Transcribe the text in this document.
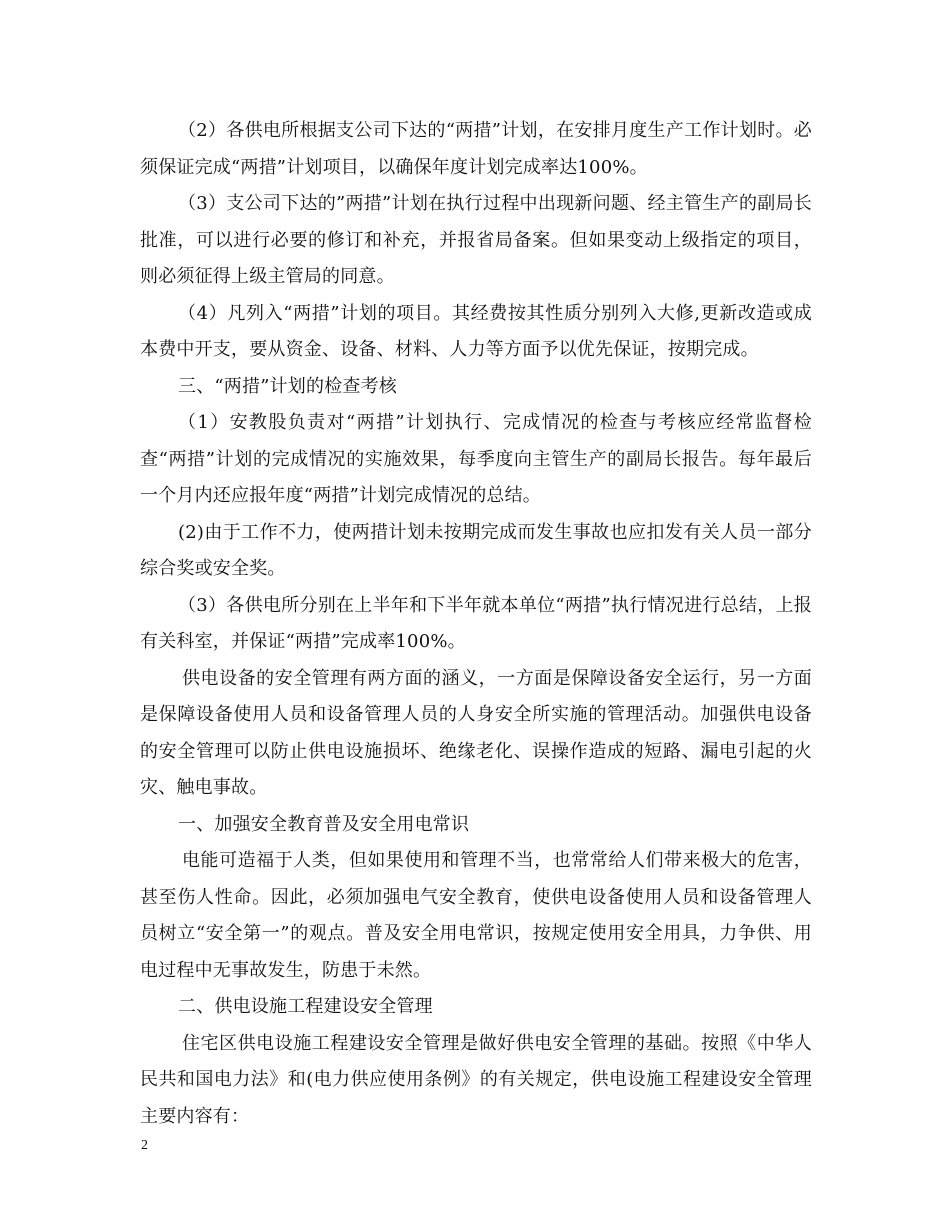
（2）各供电所根据支公司下达的“两措”计划，在安排月度生产工作计划时。必须保证完成“两措”计划项目，以确保年度计划完成率达100%。

（3）支公司下达的”两措”计划在执行过程中出现新问题、经主管生产的副局长批准，可以进行必要的修订和补充，并报省局备案。但如果变动上级指定的项目，则必须征得上级主管局的同意。

（4）凡列入“两措”计划的项目。其经费按其性质分别列入大修,更新改造或成本费中开支，要从资金、设备、材料、人力等方面予以优先保证，按期完成。

三、“两措”计划的检查考核

（1）安教股负责对“两措”计划执行、完成情况的检查与考核应经常监督检查“两措”计划的完成情况的实施效果，每季度向主管生产的副局长报告。每年最后一个月内还应报年度“两措”计划完成情况的总结。

(2)由于工作不力，使两措计划未按期完成而发生事故也应扣发有关人员一部分综合奖或安全奖。

（3）各供电所分别在上半年和下半年就本单位“两措”执行情况进行总结，上报有关科室，并保证“两措”完成率100%。

供电设备的安全管理有两方面的涵义，一方面是保障设备安全运行，另一方面是保障设备使用人员和设备管理人员的人身安全所实施的管理活动。加强供电设备的安全管理可以防止供电设施损坏、绝缘老化、误操作造成的短路、漏电引起的火灾、触电事故。

一、加强安全教育普及安全用电常识

电能可造福于人类，但如果使用和管理不当，也常常给人们带来极大的危害，甚至伤人性命。因此，必须加强电气安全教育，使供电设备使用人员和设备管理人员树立“安全第一”的观点。普及安全用电常识，按规定使用安全用具，力争供、用电过程中无事故发生，防患于未然。

二、供电设施工程建设安全管理

住宅区供电设施工程建设安全管理是做好供电安全管理的基础。按照《中华人民共和国电力法》和(电力供应使用条例》的有关规定，供电设施工程建设安全管理主要内容有：

2
